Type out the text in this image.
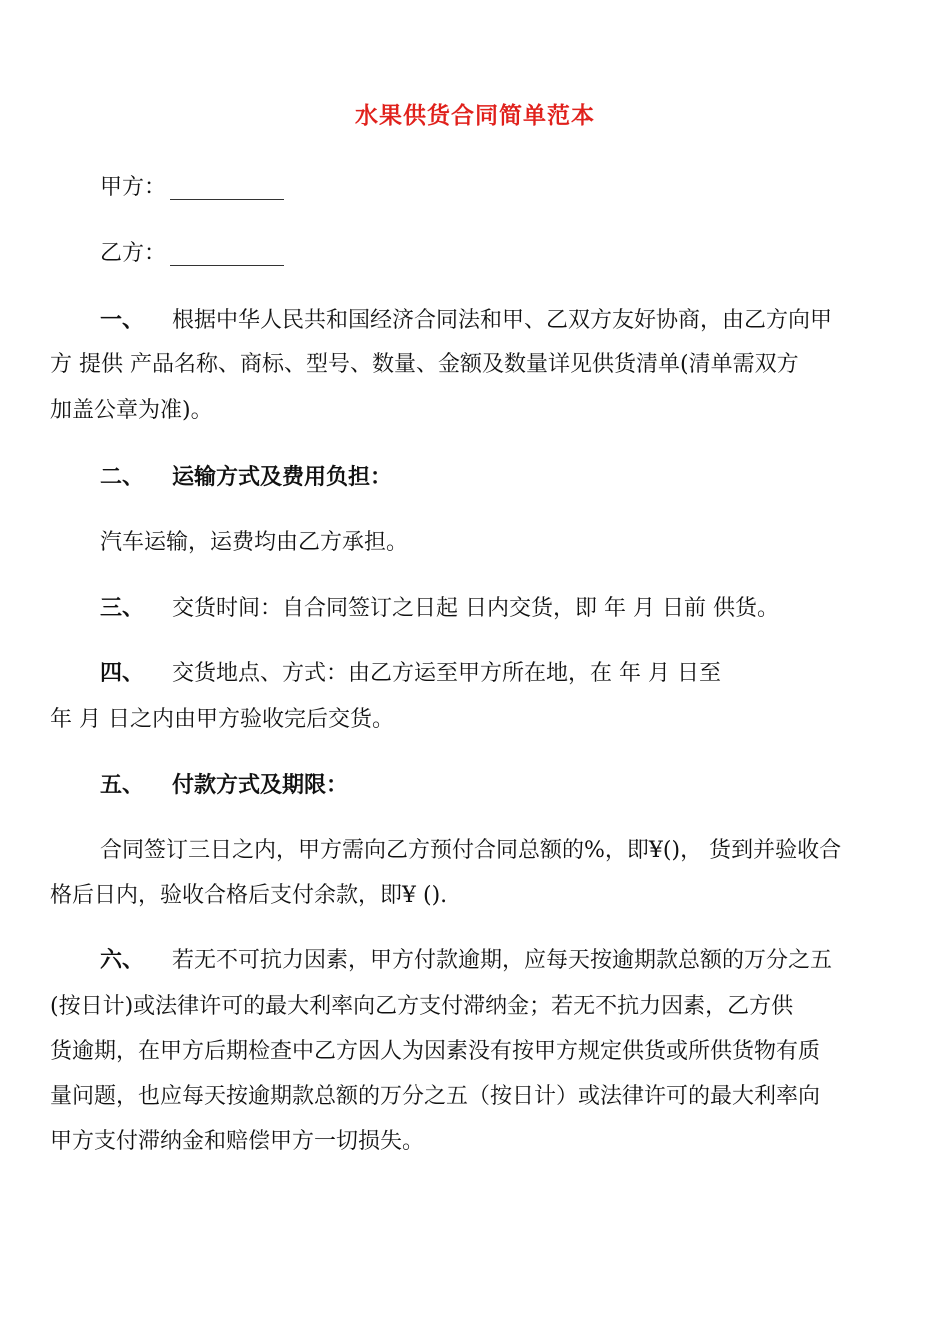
水果供货合同简单范本
甲方：
乙方：
一、 根据中华人民共和国经济合同法和甲、乙双方友好协商，由乙方向甲
方 提供 产品名称、商标、型号、数量、金额及数量详见供货清单(清单需双方
加盖公章为准)。
二、 运输方式及费用负担：
汽车运输，运费均由乙方承担。
三、 交货时间：自合同签订之日起 日内交货，即 年 月 日前 供货。
四、 交货地点、方式：由乙方运至甲方所在地，在 年 月 日至
年 月 日之内由甲方验收完后交货。
五、 付款方式及期限：
合同签订三日之内，甲方需向乙方预付合同总额的%，即¥()， 货到并验收合
格后日内，验收合格后支付余款，即¥ ().
六、 若无不可抗力因素，甲方付款逾期，应每天按逾期款总额的万分之五
(按日计)或法律许可的最大利率向乙方支付滞纳金；若无不抗力因素，乙方供
货逾期，在甲方后期检查中乙方因人为因素没有按甲方规定供货或所供货物有质
量问题，也应每天按逾期款总额的万分之五（按日计）或法律许可的最大利率向
甲方支付滞纳金和赔偿甲方一切损失。
